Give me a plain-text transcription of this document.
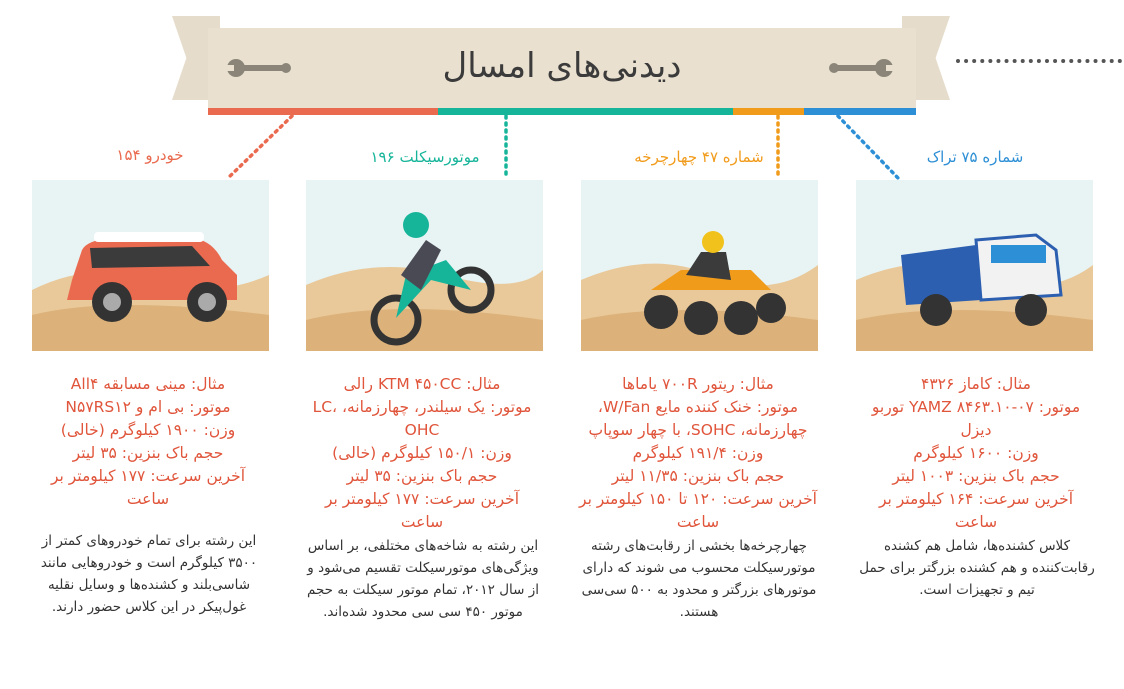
دیدنی‌های امسال
۱۵۴ خودرو	۱۹۶ موتورسیکلت	شماره ۴۷ چهارچرخه	شماره ۷۵ تراک
مثال: مینی مسابقه All۴
موتور: بی ام و N۵۷RS۱۲
وزن: ۱۹۰۰ کیلوگرم (خالی)
حجم باک بنزین: ۳۵ لیتر
آخرین سرعت: ۱۷۷ کیلومتر بر ساعت
مثال: KTM ۴۵۰CC رالی
موتور: یک سیلندر، چهارزمانه، LC، OHC
وزن: ۱۵۰/۱ کیلوگرم (خالی)
حجم باک بنزین: ۳۵ لیتر
آخرین سرعت: ۱۷۷ کیلومتر بر ساعت
مثال: ریتور ۷۰۰R یاماها
موتور: خنک کننده مایع W/Fan، چهارزمانه، SOHC، با چهار سوپاپ
وزن: ۱۹۱/۴ کیلوگرم
حجم باک بنزین: ۱۱/۳۵ لیتر
آخرین سرعت: ۱۲۰ تا ۱۵۰ کیلومتر بر ساعت
مثال: کاماز ۴۳۲۶
موتور: YAMZ ۸۴۶۳.۱۰-۰۷ توربو دیزل
وزن: ۱۶۰۰ کیلوگرم
حجم باک بنزین: ۱۰۰۳ لیتر
آخرین سرعت: ۱۶۴ کیلومتر بر ساعت
این رشته برای تمام خودروهای کمتر از ۳۵۰۰ کیلوگرم است و خودروهایی مانند شاسی‌بلند و کشنده‌ها و وسایل نقلیه غول‌پیکر در این کلاس حضور دارند.
این رشته به شاخه‌های مختلفی، بر اساس ویژگی‌های موتورسیکلت تقسیم می‌شود و از سال ۲۰۱۲، تمام موتور سیکلت به حجم موتور ۴۵۰ سی سی محدود شده‌اند.
چهارچرخه‌ها بخشی از رقابت‌های رشته موتورسیکلت محسوب می شوند که دارای موتورهای بزرگتر و محدود به ۵۰۰ سی‌سی هستند.
کلاس کشنده‌ها، شامل هم کشنده رقابت‌کننده و هم کشنده بزرگتر برای حمل تیم و تجهیزات است.
